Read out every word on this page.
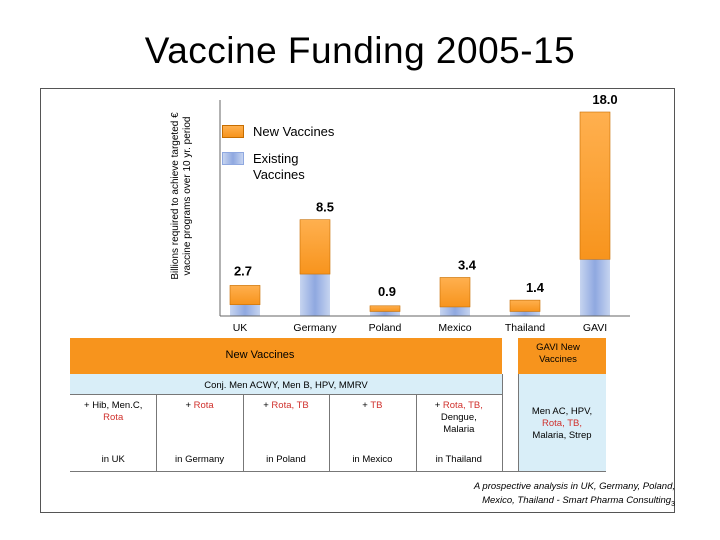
Vaccine Funding 2005-15
Billions required to achieve targeted € vaccine programs over 10 yr. period	2.7
UK
8.5
Germany
0.9
Poland
3.4
Mexico
1.4
Thailand
18.0
GAVI
New Vaccines
Existing Vaccines
New Vaccines
GAVI New Vaccines
Conj. Men ACWY, Men B, HPV, MMRV
+ Hib, Men.C,
Rota
in UK
+ Rota
in Germany
+ Rota, TB
in Poland
+ TB
in Mexico
+ Rota, TB,
Dengue,
Malaria
in Thailand
Men AC, HPV,
Rota, TB,
Malaria, Strep
A prospective analysis in UK, Germany, Poland,
Mexico, Thailand - Smart Pharma Consulting$_3$
